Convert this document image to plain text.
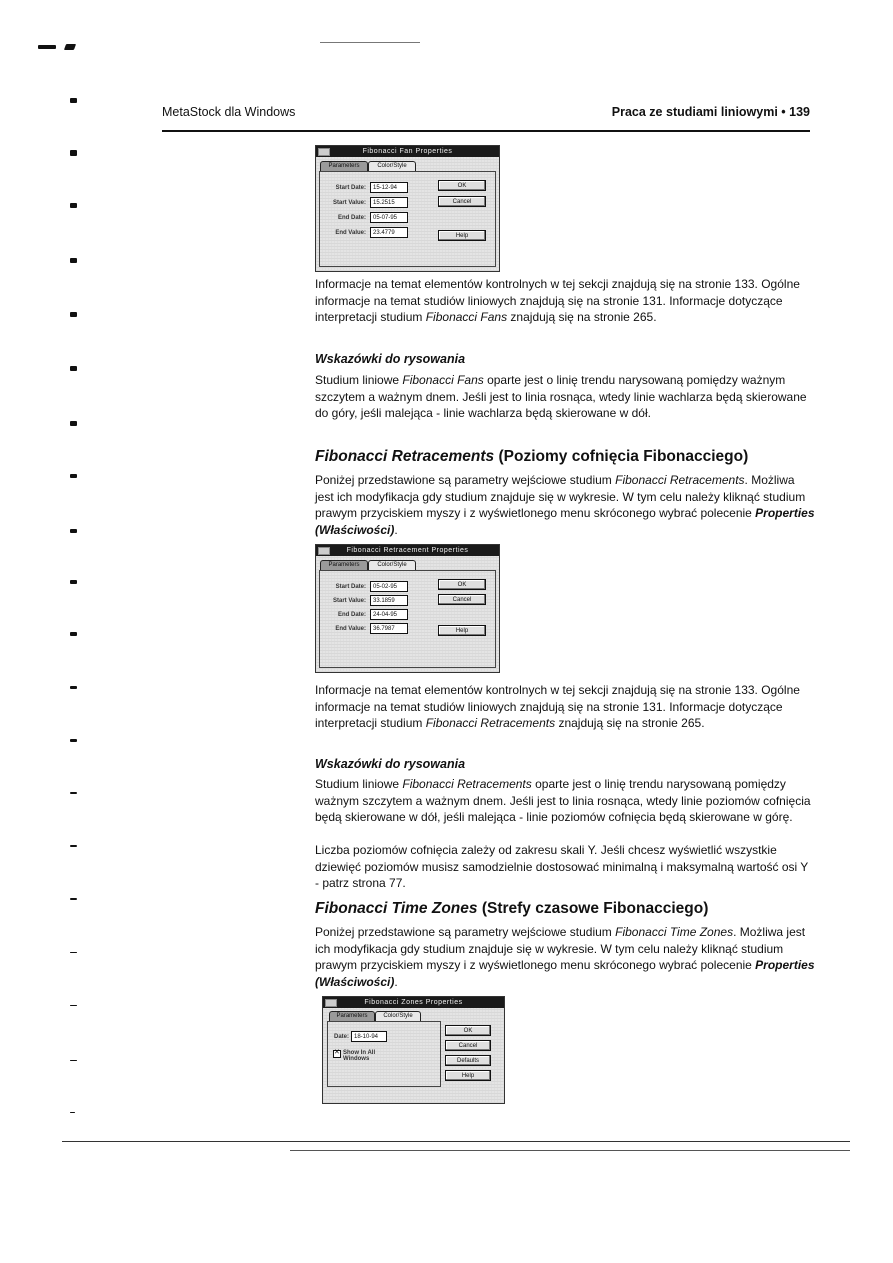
MetaStock dla Windows	Praca ze studiami liniowymi • 139
Fibonacci Fan Properties
Parameters	Color/Style
Start Date:	15-12-94
Start Value:	15.2515
End Date:	05-07-95
End Value:	23.4779
OK
Cancel
Help

Informacje na temat elementów kontrolnych w tej sekcji znajdują się na stronie 133. Ogólne informacje na temat studiów liniowych znajdują się na stronie 131. Informacje dotyczące interpretacji studium Fibonacci Fans znajdują się na stronie 265.

Wskazówki do rysowania

Studium liniowe Fibonacci Fans oparte jest o linię trendu narysowaną pomiędzy ważnym szczytem a ważnym dnem. Jeśli jest to linia rosnąca, wtedy linie wachlarza będą skierowane do góry, jeśli malejąca - linie wachlarza będą skierowane w dół.

Fibonacci Retracements (Poziomy cofnięcia Fibonacciego)

Poniżej przedstawione są parametry wejściowe studium Fibonacci Retracements. Możliwa jest ich modyfikacja gdy studium znajduje się w wykresie. W tym celu należy kliknąć studium prawym przyciskiem myszy i z wyświetlonego menu skróconego wybrać polecenie Properties (Właściwości).

Fibonacci Retracement Properties
Parameters	Color/Style
Start Date:	05-02-95
Start Value:	33.1859
End Date:	24-04-95
End Value:	36.7987
OK
Cancel
Help

Informacje na temat elementów kontrolnych w tej sekcji znajdują się na stronie 133. Ogólne informacje na temat studiów liniowych znajdują się na stronie 131. Informacje dotyczące interpretacji studium Fibonacci Retracements znajdują się na stronie 265.

Wskazówki do rysowania

Studium liniowe Fibonacci Retracements oparte jest o linię trendu narysowaną pomiędzy ważnym szczytem a ważnym dnem. Jeśli jest to linia rosnąca, wtedy linie poziomów cofnięcia będą skierowane w dół, jeśli malejąca - linie poziomów cofnięcia będą skierowane w górę.

Liczba poziomów cofnięcia zależy od zakresu skali Y. Jeśli chcesz wyświetlić wszystkie dziewięć poziomów musisz samodzielnie dostosować minimalną i maksymalną wartość osi Y - patrz strona 77.

Fibonacci Time Zones (Strefy czasowe Fibonacciego)

Poniżej przedstawione są parametry wejściowe studium Fibonacci Time Zones. Możliwa jest ich modyfikacja gdy studium znajduje się w wykresie. W tym celu należy kliknąć studium prawym przyciskiem myszy i z wyświetlonego menu skróconego wybrać polecenie Properties (Właściwości).

Fibonacci Zones Properties
Parameters	Color/Style
Date: 18-10-94
✕ Show In All Windows
OK
Cancel
Defaults
Help
